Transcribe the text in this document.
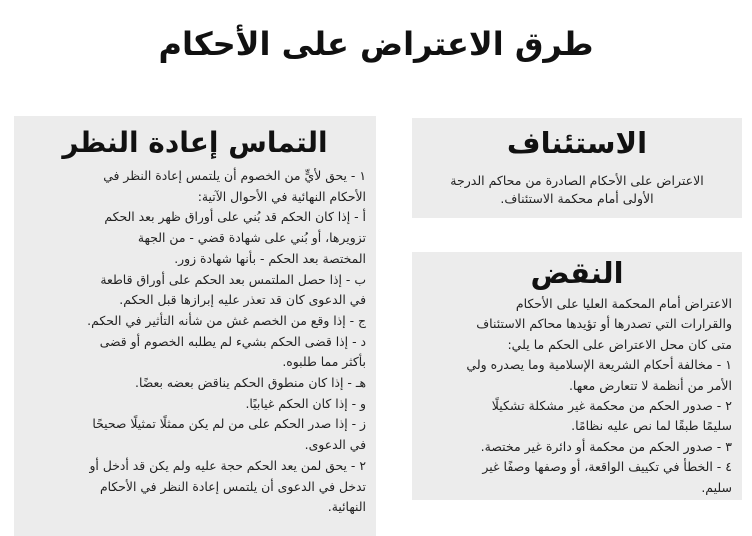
طرق الاعتراض على الأحكام
التماس إعادة النظر
١ - يحق لأيٍّ من الخصوم أن يلتمس إعادة النظر في
الأحكام النهائية في الأحوال الآتية:
أ - إذا كان الحكم قد بُني على أوراق ظهر بعد الحكم
تزويرها، أو بُني على شهادة قضي - من الجهة
المختصة بعد الحكم - بأنها شهادة زور.
ب - إذا حصل الملتمس بعد الحكم على أوراق قاطعة
في الدعوى كان قد تعذر عليه إبرازها قبل الحكم.
ج - إذا وقع من الخصم غش من شأنه التأثير في الحكم.
د - إذا قضى الحكم بشيء لم يطلبه الخصوم أو قضى
بأكثر مما طلبوه.
هـ - إذا كان منطوق الحكم يناقض بعضه بعضًا.
و - إذا كان الحكم غيابيًا.
ز - إذا صدر الحكم على من لم يكن ممثلًا تمثيلًا صحيحًا
في الدعوى.
٢ - يحق لمن يعد الحكم حجة عليه ولم يكن قد أدخل أو
تدخل في الدعوى أن يلتمس إعادة النظر في الأحكام
النهائية.
الاستئناف
الاعتراض على الأحكام الصادرة من محاكم الدرجة
الأولى أمام محكمة الاستئناف.
النقض
الاعتراض أمام المحكمة العليا على الأحكام
والقرارات التي تصدرها أو تؤيدها محاكم الاستئناف
متى كان محل الاعتراض على الحكم ما يلي:
١ - مخالفة أحكام الشريعة الإسلامية وما يصدره ولي
الأمر من أنظمة لا تتعارض معها.
٢ - صدور الحكم من محكمة غير مشكلة تشكيلًا
سليمًا طبقًا لما نص عليه نظامًا.
٣ - صدور الحكم من محكمة أو دائرة غير مختصة.
٤ - الخطأ في تكييف الواقعة، أو وصفها وصفًا غير
سليم.
